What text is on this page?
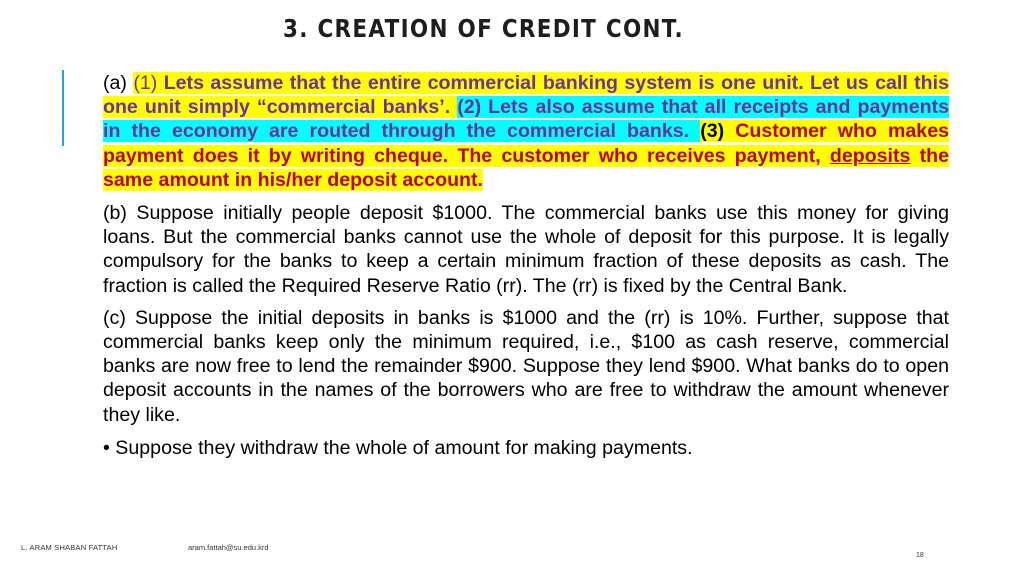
3. CREATION OF CREDIT CONT.

(a) (1) Lets assume that the entire commercial banking system is one unit. Let us call this one unit simply “commercial banks’. (2) Lets also assume that all receipts and payments in the economy are routed through the commercial banks. (3) Customer who makes payment does it by writing cheque. The customer who receives payment, deposits the same amount in his/her deposit account.

(b) Suppose initially people deposit $1000. The commercial banks use this money for giving loans. But the commercial banks cannot use the whole of deposit for this purpose. It is legally compulsory for the banks to keep a certain minimum fraction of these deposits as cash. The fraction is called the Required Reserve Ratio (rr). The (rr) is fixed by the Central Bank.

(c) Suppose the initial deposits in banks is $1000 and the (rr) is 10%. Further, suppose that commercial banks keep only the minimum required, i.e., $100 as cash reserve, commercial banks are now free to lend the remainder $900. Suppose they lend $900. What banks do to open deposit accounts in the names of the borrowers who are free to withdraw the amount whenever they like.

• Suppose they withdraw the whole of amount for making payments.

L. ARAM SHABAN FATTAH	aram.fattah@su.edu.krd
18
